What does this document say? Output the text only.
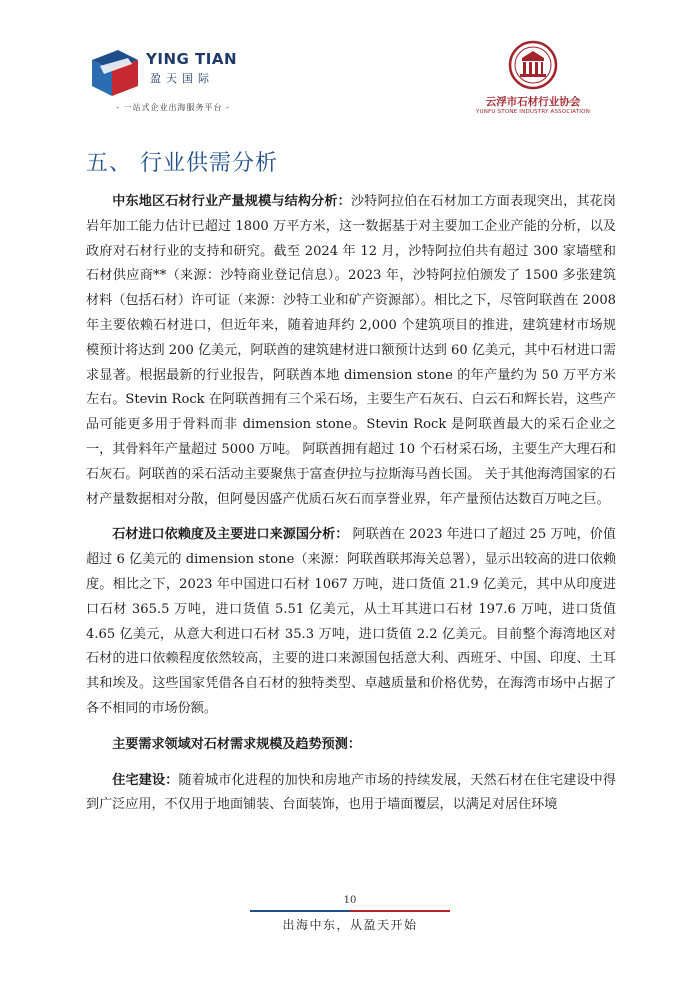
YING TIAN
盈天国际
- 一站式企业出海服务平台 -	云浮市石材行业协会
YUNFU STONE INDUSTRY ASSOCIATION
五、 行业供需分析

中东地区石材行业产量规模与结构分析：沙特阿拉伯在石材加工方面表现突出，其花岗岩年加工能力估计已超过 1800 万平方米，这一数据基于对主要加工企业产能的分析，以及政府对石材行业的支持和研究。截至 2024 年 12 月，沙特阿拉伯共有超过 300 家墙壁和石材供应商**（来源：沙特商业登记信息）。2023 年，沙特阿拉伯颁发了 1500 多张建筑材料（包括石材）许可证（来源：沙特工业和矿产资源部）。相比之下，尽管阿联酋在 2008 年主要依赖石材进口，但近年来，随着迪拜约 2,000 个建筑项目的推进，建筑建材市场规模预计将达到 200 亿美元，阿联酋的建筑建材进口额预计达到 60 亿美元，其中石材进口需求显著。根据最新的行业报告，阿联酋本地 dimension stone 的年产量约为 50 万平方米左右。Stevin Rock 在阿联酋拥有三个采石场，主要生产石灰石、白云石和辉长岩，这些产品可能更多用于骨料而非 dimension stone。Stevin Rock 是阿联酋最大的采石企业之一，其骨料年产量超过 5000 万吨。 阿联酋拥有超过 10 个石材采石场，主要生产大理石和石灰石。阿联酋的采石活动主要聚焦于富查伊拉与拉斯海马酋长国。 关于其他海湾国家的石材产量数据相对分散，但阿曼因盛产优质石灰石而享誉业界，年产量预估达数百万吨之巨。

石材进口依赖度及主要进口来源国分析： 阿联酋在 2023 年进口了超过 25 万吨，价值超过 6 亿美元的 dimension stone（来源：阿联酋联邦海关总署），显示出较高的进口依赖度。相比之下，2023 年中国进口石材 1067 万吨，进口货值 21.9 亿美元，其中从印度进口石材 365.5 万吨，进口货值 5.51 亿美元，从土耳其进口石材 197.6 万吨，进口货值 4.65 亿美元，从意大利进口石材 35.3 万吨，进口货值 2.2 亿美元。目前整个海湾地区对石材的进口依赖程度依然较高，主要的进口来源国包括意大利、西班牙、中国、印度、土耳其和埃及。这些国家凭借各自石材的独特类型、卓越质量和价格优势，在海湾市场中占据了各不相同的市场份额。

主要需求领域对石材需求规模及趋势预测：

住宅建设：随着城市化进程的加快和房地产市场的持续发展，天然石材在住宅建设中得到广泛应用，不仅用于地面铺装、台面装饰，也用于墙面覆层，以满足对居住环境

10
出海中东，从盈天开始
